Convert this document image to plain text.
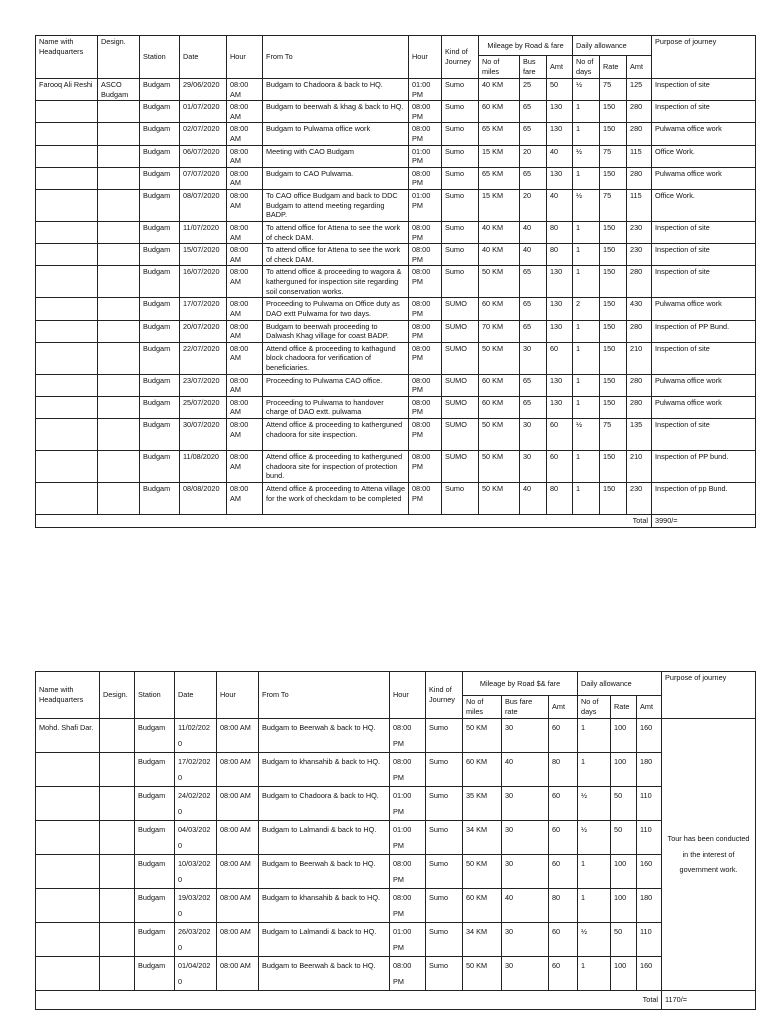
Name with Headquarters	Design.	Station	Date	Hour	From To	Hour	Kind of Journey	Mileage by Road & fare			Daily allowance			Purpose of journey
								No of miles	Bus fare	Amt	No of days	Rate	Amt	
Farooq Ali Reshi	ASCO Budgam	Budgam	29/06/2020	08:00 AM	Budgam to Chadoora & back to HQ.	01:00 PM	Sumo	40 KM	25	50	½	75	125	Inspection of site
		Budgam	01/07/2020	08:00 AM	Budgam to beerwah & khag & back to HQ.	08:00 PM	Sumo	60 KM	65	130	1	150	280	Inspection of site
		Budgam	02/07/2020	08:00 AM	Budgam to Pulwama office work	08:00 PM	Sumo	65 KM	65	130	1	150	280	Pulwama office work
		Budgam	06/07/2020	08:00 AM	Meeting with CAO Budgam	01:00 PM	Sumo	15 KM	20	40	½	75	115	Office Work.
		Budgam	07/07/2020	08:00 AM	Budgam to CAO Pulwama.	08:00 PM	Sumo	65 KM	65	130	1	150	280	Pulwama office work
		Budgam	08/07/2020	08:00 AM	To CAO office Budgam and back to DDC Budgam to attend meeting regarding BADP.	01:00 PM	Sumo	15 KM	20	40	½	75	115	Office Work.
		Budgam	11/07/2020	08:00 AM	To attend office for Attena to see the work of check DAM.	08:00 PM	Sumo	40 KM	40	80	1	150	230	Inspection of site
		Budgam	15/07/2020	08:00 AM	To attend office for Attena to see the work of check DAM.	08:00 PM	Sumo	40 KM	40	80	1	150	230	Inspection of site
		Budgam	16/07/2020	08:00 AM	To attend office & proceeding to wagora & katherguned for inspection site regarding soil conservation works.	08:00 PM	Sumo	50 KM	65	130	1	150	280	Inspection of site
		Budgam	17/07/2020	08:00 AM	Proceeding to Pulwama on Office duty as DAO extt Pulwama for two days.	08:00 PM	SUMO	60 KM	65	130	2	150	430	Pulwama office work
		Budgam	20/07/2020	08:00 AM	Budgam to beerwah proceeding to Dalwash Khag village for coast BADP.	08:00 PM	SUMO	70 KM	65	130	1	150	280	Inspection of PP Bund.
		Budgam	22/07/2020	08:00 AM	Attend office & proceeding to kathagund block chadoora for verification of beneficiaries.	08:00 PM	SUMO	50 KM	30	60	1	150	210	Inspection of site
		Budgam	23/07/2020	08:00 AM	Proceeding to Pulwama CAO office.	08:00 PM	SUMO	60 KM	65	130	1	150	280	Pulwama office work
		Budgam	25/07/2020	08:00 AM	Proceeding to Pulwama to handover charge of DAO extt. pulwama	08:00 PM	SUMO	60 KM	65	130	1	150	280	Pulwama office work
		Budgam	30/07/2020	08:00 AM	Attend office & proceeding to katherguned chadoora for site inspection.	08:00 PM	SUMO	50 KM	30	60	½	75	135	Inspection of site
		Budgam	11/08/2020	08:00 AM	Attend office & proceeding to katherguned chadoora site for inspection of protection bund.	08:00 PM	SUMO	50 KM	30	60	1	150	210	Inspection of PP bund.
		Budgam	08/08/2020	08:00 AM	Attend office & proceeding to Attena village for the work of checkdam to be completed	08:00 PM	Sumo	50 KM	40	80	1	150	230	Inspection of pp Bund.
												Total		3990/=
Name with Headquarters	Design.	Station	Date	Hour	From To	Hour	Kind of Journey	Mileage by Road $& fare			Daily allowance			Purpose of journey
								No of miles	Bus fare rate	Amt	No of days	Rate	Amt	
Mohd. Shafi Dar.		Budgam	11/02/2020	08:00 AM	Budgam to Beerwah & back to HQ.	08:00 PM	Sumo	50 KM	30	60	1	100	160	Tour has been conducted in the interest of government work.
		Budgam	17/02/2020	08:00 AM	Budgam to khansahib & back to HQ.	08:00 PM	Sumo	60 KM	40	80	1	100	180	
		Budgam	24/02/2020	08:00 AM	Budgam to Chadoora & back to HQ.	01:00 PM	Sumo	35 KM	30	60	½	50	110	
		Budgam	04/03/2020	08:00 AM	Budgam to Lalmandi & back to HQ.	01:00 PM	Sumo	34 KM	30	60	½	50	110	
		Budgam	10/03/2020	08:00 AM	Budgam to Beerwah & back to HQ.	08:00 PM	Sumo	50 KM	30	60	1	100	160	
		Budgam	19/03/2020	08:00 AM	Budgam to khansahib & back to HQ.	08:00 PM	Sumo	60 KM	40	80	1	100	180	
		Budgam	26/03/2020	08:00 AM	Budgam to Lalmandi & back to HQ.	01:00 PM	Sumo	34 KM	30	60	½	50	110	
		Budgam	01/04/2020	08:00 AM	Budgam to Beerwah & back to HQ.	08:00 PM	Sumo	50 KM	30	60	1	100	160	
												Total		1170/=
